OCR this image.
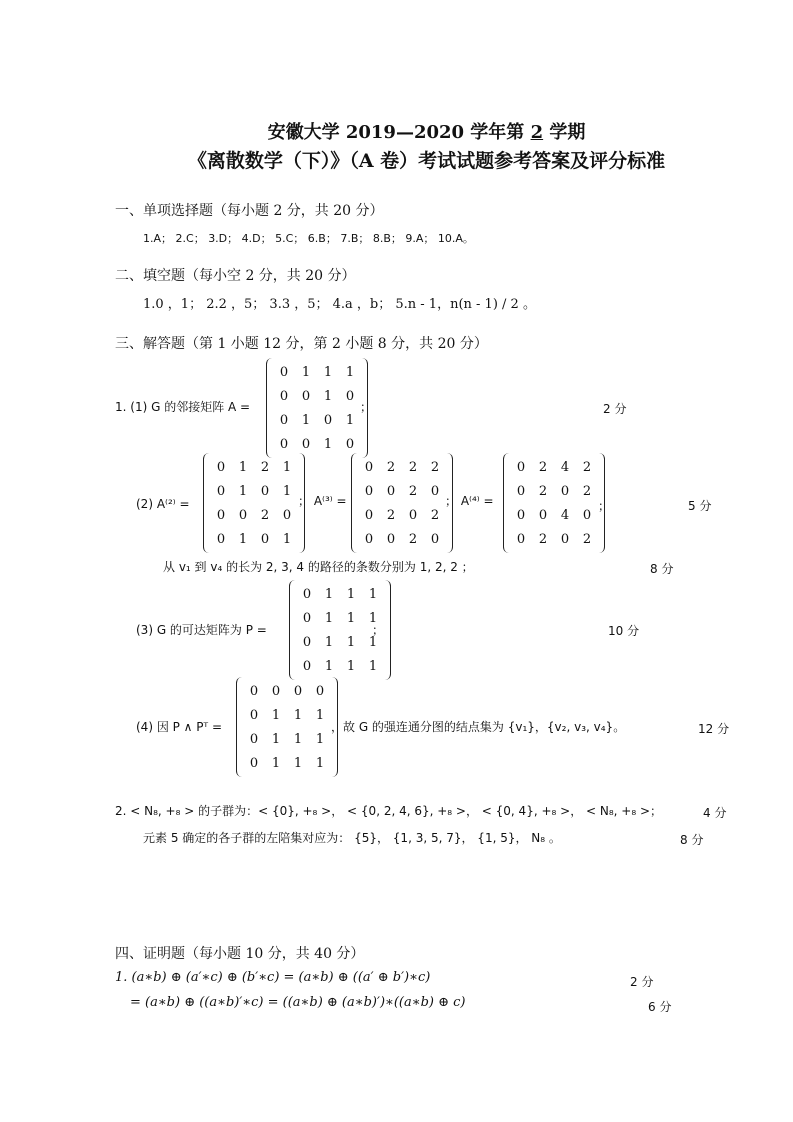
安徽大学 2019—2020 学年第 2 学期
《离散数学（下）》（A 卷）考试试题参考答案及评分标准
一、单项选择题（每小题 2 分，共 20 分）
1.A； 2.C； 3.D； 4.D； 5.C； 6.B； 7.B； 8.B； 9.A； 10.A。
二、填空题（每小空 2 分，共 20 分）
1.0 ，1； 2.2 ，5； 3.3 ，5； 4.a ，b； 5.n - 1，n(n - 1) / 2 。
三、解答题（第 1 小题 12 分，第 2 小题 8 分，共 20 分）
1. (1) G 的邻接矩阵 A =
0	1	1	1
0	0	1	0
0	1	0	1
0	0	1	0
；	2 分
(2) A⁽²⁾ =
0	1	2	1
0	1	0	1
0	0	2	0
0	1	0	1
； A⁽³⁾ =
0	2	2	2
0	0	2	0
0	2	0	2
0	0	2	0
； A⁽⁴⁾ =
0	2	4	2
0	2	0	2
0	0	4	0
0	2	0	2
；	5 分
从 v₁ 到 v₄ 的长为 2, 3, 4 的路径的条数分别为 1, 2, 2 ；	8 分
(3) G 的可达矩阵为 P =
0	1	1	1
0	1	1	1
0	1	1	1
0	1	1	1
；	10 分
(4) 因 P ∧ Pᵀ =
0	0	0	0
0	1	1	1
0	1	1	1
0	1	1	1
，故 G 的强连通分图的结点集为 {v₁}，{v₂, v₃, v₄}。	12 分
2. < N₈, +₈ > 的子群为：< {0}, +₈ >， < {0, 2, 4, 6}, +₈ >， < {0, 4}, +₈ >， < N₈, +₈ >；	4 分
元素 5 确定的各子群的左陪集对应为： {5}， {1, 3, 5, 7}， {1, 5}， N₈ 。	8 分
四、证明题（每小题 10 分，共 40 分）
1. (a∗b) ⊕ (a′∗c) ⊕ (b′∗c) = (a∗b) ⊕ ((a′ ⊕ b′)∗c)	2 分
= (a∗b) ⊕ ((a∗b)′∗c) = ((a∗b) ⊕ (a∗b)′)∗((a∗b) ⊕ c)	6 分
